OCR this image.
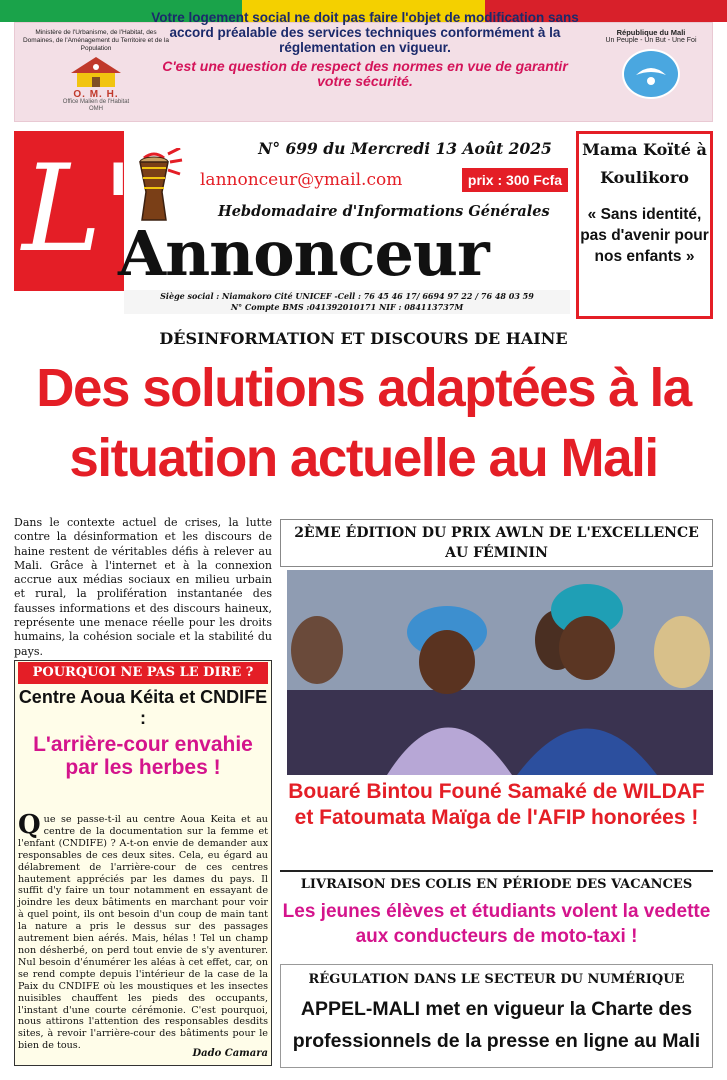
Ministère de l'Urbanisme, de l'Habitat, des Domaines, de l'Aménagement du Territoire et de la Population
O. M. H.
Office Malien de l'Habitat
OMH
République du Mali
Un Peuple - Un But - Une Foi
Votre logement social ne doit pas faire l'objet de modification sans accord préalable des services techniques conformément à la réglementation en vigueur.
C'est une question de respect des normes en vue de garantir votre sécurité.
L'	N° 699 du Mercredi 13 Août 2025
lannonceur@ymail.com	prix : 300 Fcfa
Hebdomadaire d'Informations Générales
Annonceur
Siège social : Niamakoro Cité UNICEF -Cell : 76 45 46 17/ 6694 97 22 / 76 48 03 59
N° Compte BMS :041392010171 NIF : 084113737M
Mama Koïté à Koulikoro
« Sans identité, pas d'avenir pour nos enfants »
DÉSINFORMATION ET DISCOURS DE HAINE
Des solutions adaptées à la situation actuelle au Mali
Dans le contexte actuel de crises, la lutte contre la désinformation et les discours de haine restent de véritables défis à relever au Mali. Grâce à l'internet et à la connexion accrue aux médias sociaux en milieu urbain et rural, la prolifération instantanée des fausses informations et des discours haineux, représente une menace réelle pour les droits humains, la cohésion sociale et la stabilité du pays.
POURQUOI NE PAS LE DIRE ?
Centre Aoua Kéita et CNDIFE :
L'arrière-cour envahie par les herbes !
Que se passe-t-il au centre Aoua Keita et au centre de la documentation sur la femme et l'enfant (CNDIFE) ? A-t-on envie de demander aux responsables de ces deux sites. Cela, eu égard au délabrement de l'arrière-cour de ces centres hautement appréciés par les dames du pays. Il suffit d'y faire un tour notamment en essayant de joindre les deux bâtiments en marchant pour voir à quel point, ils ont besoin d'un coup de main tant la nature a pris le dessus sur des passages autrement bien aérés. Mais, hélas ! Tel un champ non désherbé, on perd tout envie de s'y aventurer. Nul besoin d'énumérer les aléas à cet effet, car, on se rend compte depuis l'intérieur de la case de la Paix du CNDIFE où les moustiques et les insectes nuisibles chauffent les pieds des occupants, l'instant d'une courte cérémonie. C'est pourquoi, nous attirons l'attention des responsables desdits sites, à revoir l'arrière-cour des bâtiments pour le bien de tous.
Dado Camara
2ÈME ÉDITION DU PRIX AWLN DE L'EXCELLENCE AU FÉMININ
Bouaré Bintou Founé Samaké de WILDAF et Fatoumata Maïga de l'AFIP honorées !
LIVRAISON DES COLIS EN PÉRIODE DES VACANCES
Les jeunes élèves et étudiants volent la vedette aux conducteurs de moto-taxi !
RÉGULATION DANS LE SECTEUR DU NUMÉRIQUE
APPEL-MALI met en vigueur la Charte des professionnels de la presse en ligne au Mali
